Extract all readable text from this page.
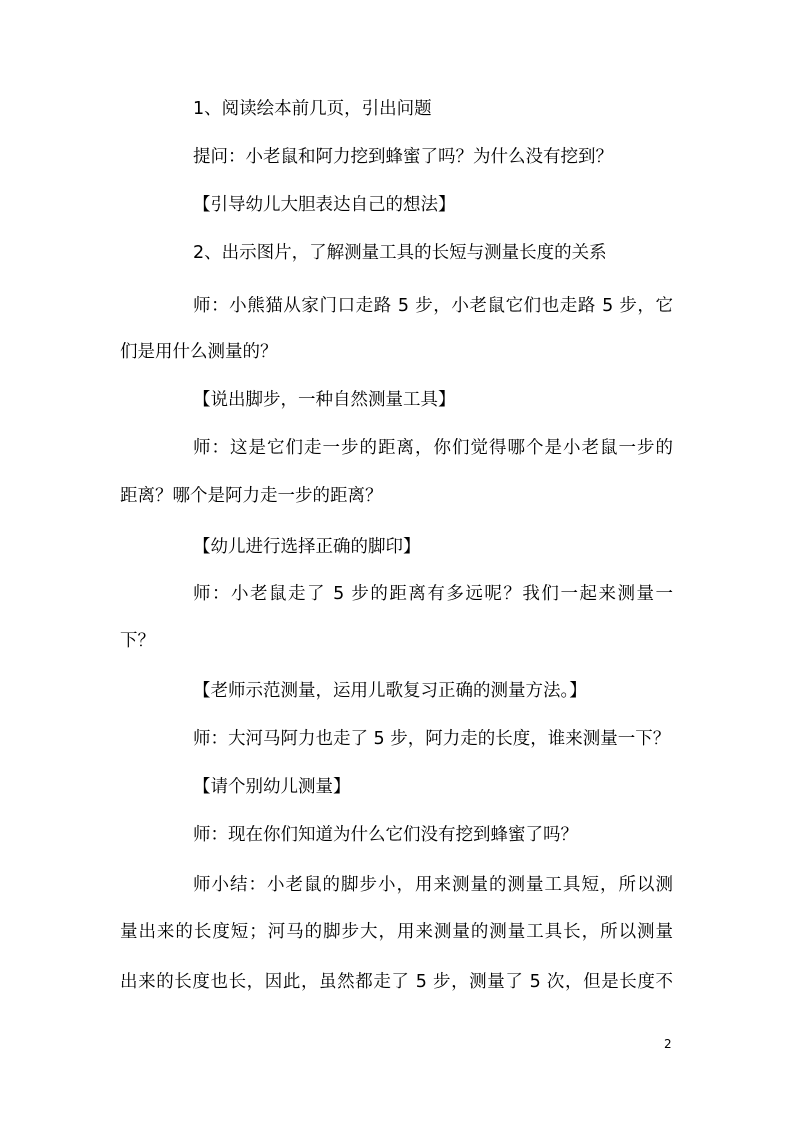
1、阅读绘本前几页，引出问题
提问：小老鼠和阿力挖到蜂蜜了吗？为什么没有挖到？
【引导幼儿大胆表达自己的想法】
2、出示图片，了解测量工具的长短与测量长度的关系
师：小熊猫从家门口走路 5 步，小老鼠它们也走路 5 步，它
们是用什么测量的？
【说出脚步，一种自然测量工具】
师：这是它们走一步的距离，你们觉得哪个是小老鼠一步的
距离？哪个是阿力走一步的距离？
【幼儿进行选择正确的脚印】
师：小老鼠走了 5 步的距离有多远呢？我们一起来测量一
下？
【老师示范测量，运用儿歌复习正确的测量方法。】
师：大河马阿力也走了 5 步，阿力走的长度，谁来测量一下？
【请个别幼儿测量】
师：现在你们知道为什么它们没有挖到蜂蜜了吗？
师小结：小老鼠的脚步小，用来测量的测量工具短，所以测
量出来的长度短；河马的脚步大，用来测量的测量工具长，所以测量
出来的长度也长，因此，虽然都走了 5 步，测量了 5 次，但是长度不
2
